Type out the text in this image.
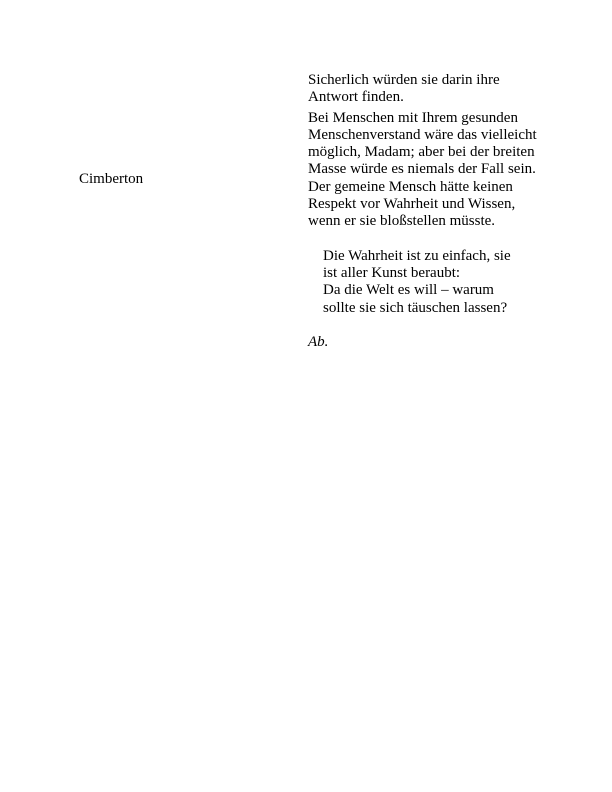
Cimberton

Sicherlich würden sie darin ihre Antwort finden.

Bei Menschen mit Ihrem gesunden Menschenverstand wäre das vielleicht möglich, Madam; aber bei der breiten Masse würde es niemals der Fall sein. Der gemeine Mensch hätte keinen Respekt vor Wahrheit und Wissen, wenn er sie bloßstellen müsste.

Die Wahrheit ist zu einfach, sie
ist aller Kunst beraubt:
Da die Welt es will – warum
sollte sie sich täuschen lassen?
Ab.
